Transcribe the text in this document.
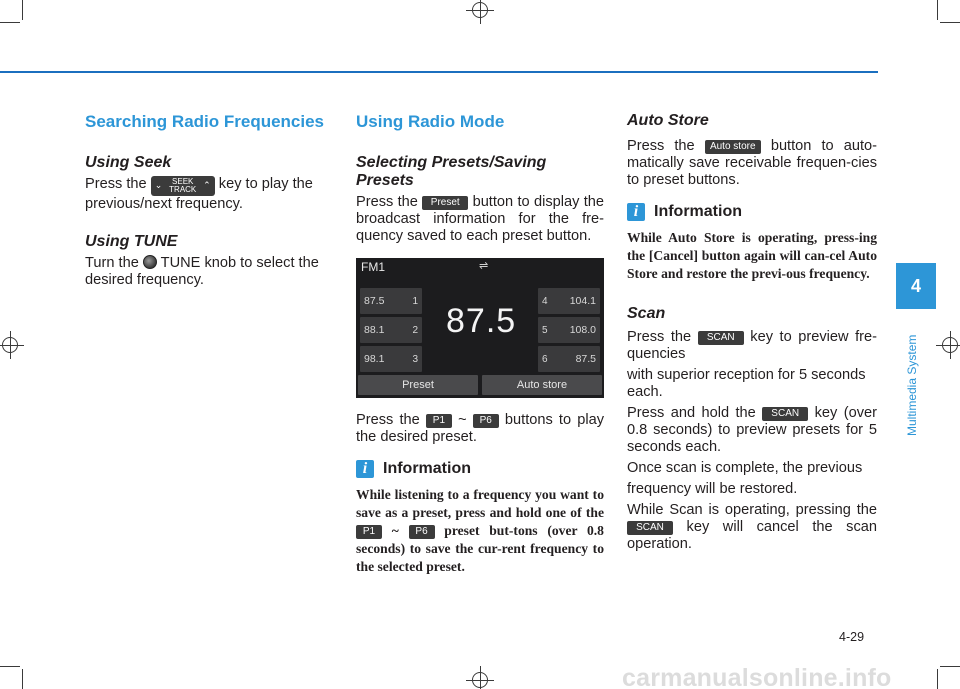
Searching Radio Frequencies
Using Seek

Press the ⌄ SEEK
TRACK ⌃ key to play the previous/next frequency.

Using TUNE

Turn the TUNE knob to select the desired frequency.

Using Radio Mode
Selecting Presets/Saving Presets

Press the Preset button to display the broadcast information for the fre-quency saved to each preset button.

FM1	⇌
87.5
87.5	1
88.1	2
98.1	3
4 104.1
5 108.0
6	87.5
Preset	Auto store

Press the P1 ~ P6 buttons to play the desired preset.

i Information

While listening to a frequency you want to save as a preset, press and hold one of the P1 ~ P6 preset but-tons (over 0.8 seconds) to save the cur-rent frequency to the selected preset.

Auto Store

Press the Auto store button to auto-matically save receivable frequen-cies to preset buttons.

i Information

While Auto Store is operating, press-ing the [Cancel] button again will can-cel Auto Store and restore the previ-ous frequency.

Scan

Press the SCAN key to preview fre-quencies

with superior reception for 5 seconds each.

Press and hold the SCAN key (over 0.8 seconds) to preview presets for 5 seconds each.

Once scan is complete, the previous

frequency will be restored.

While Scan is operating, pressing the SCAN key will cancel the scan operation.

4
Multimedia System
4-29
carmanualsonline.info
